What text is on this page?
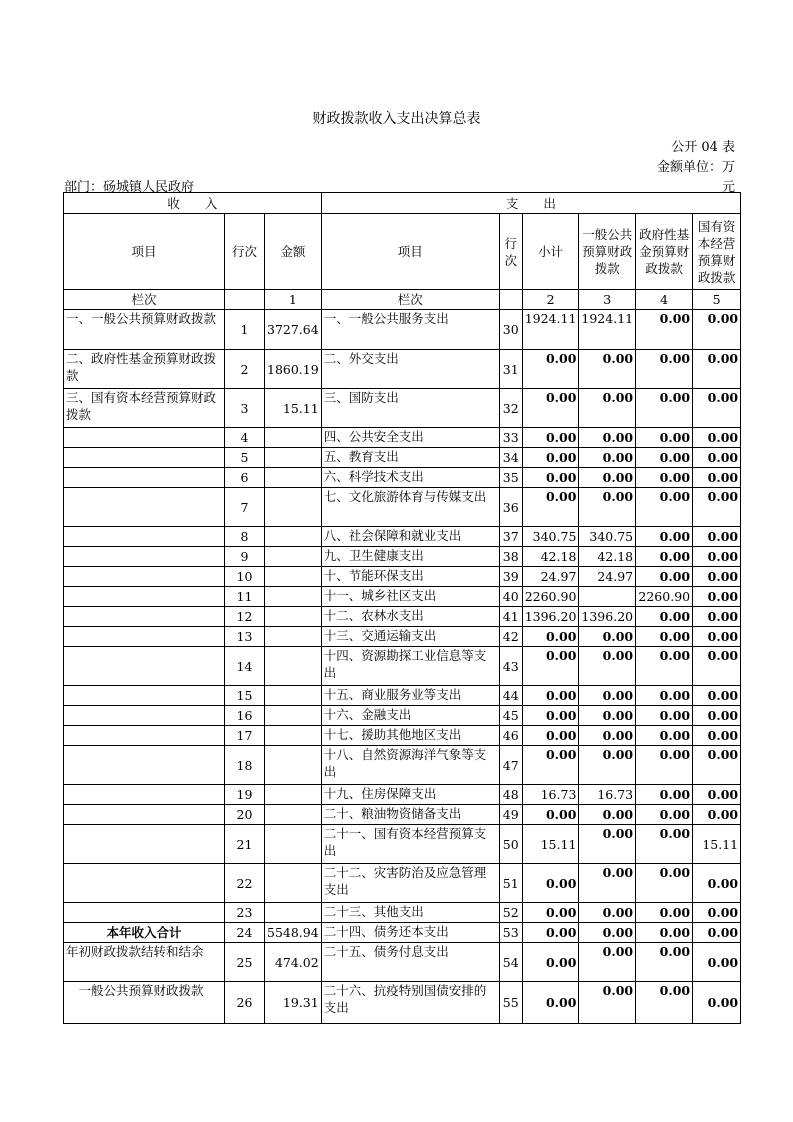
财政拨款收入支出决算总表
公开 04 表
金额单位：万
元
部门：砀城镇人民政府
收　　入			支　　出					
项目	行次	金额	项目	行次	小计	一般公共预算财政拨款	政府性基金预算财政拨款	国有资本经营预算财政拨款
栏次		1	栏次		2	3	4	5
一、一般公共预算财政拨款	1	3727.64	一、一般公共服务支出	30	1924.11	1924.11	0.00	0.00
二、政府性基金预算财政拨款	2	1860.19	二、外交支出	31	0.00	0.00	0.00	0.00
三、国有资本经营预算财政拨款	3	15.11	三、国防支出	32	0.00	0.00	0.00	0.00
	4		四、公共安全支出	33	0.00	0.00	0.00	0.00
	5		五、教育支出	34	0.00	0.00	0.00	0.00
	6		六、科学技术支出	35	0.00	0.00	0.00	0.00
	7		七、文化旅游体育与传媒支出	36	0.00	0.00	0.00	0.00
	8		八、社会保障和就业支出	37	340.75	340.75	0.00	0.00
	9		九、卫生健康支出	38	42.18	42.18	0.00	0.00
	10		十、节能环保支出	39	24.97	24.97	0.00	0.00
	11		十一、城乡社区支出	40	2260.90		2260.90	0.00
	12		十二、农林水支出	41	1396.20	1396.20	0.00	0.00
	13		十三、交通运输支出	42	0.00	0.00	0.00	0.00
	14		十四、资源勘探工业信息等支出	43	0.00	0.00	0.00	0.00
	15		十五、商业服务业等支出	44	0.00	0.00	0.00	0.00
	16		十六、金融支出	45	0.00	0.00	0.00	0.00
	17		十七、援助其他地区支出	46	0.00	0.00	0.00	0.00
	18		十八、自然资源海洋气象等支出	47	0.00	0.00	0.00	0.00
	19		十九、住房保障支出	48	16.73	16.73	0.00	0.00
	20		二十、粮油物资储备支出	49	0.00	0.00	0.00	0.00
	21		二十一、国有资本经营预算支出	50	15.11	0.00	0.00	15.11
	22		二十二、灾害防治及应急管理支出	51	0.00	0.00	0.00	0.00
	23		二十三、其他支出	52	0.00	0.00	0.00	0.00
本年收入合计	24	5548.94	二十四、债务还本支出	53	0.00	0.00	0.00	0.00
年初财政拨款结转和结余	25	474.02	二十五、债务付息支出	54	0.00	0.00	0.00	0.00
　一般公共预算财政拨款	26	19.31	二十六、抗疫特别国债安排的支出	55	0.00	0.00	0.00	0.00
